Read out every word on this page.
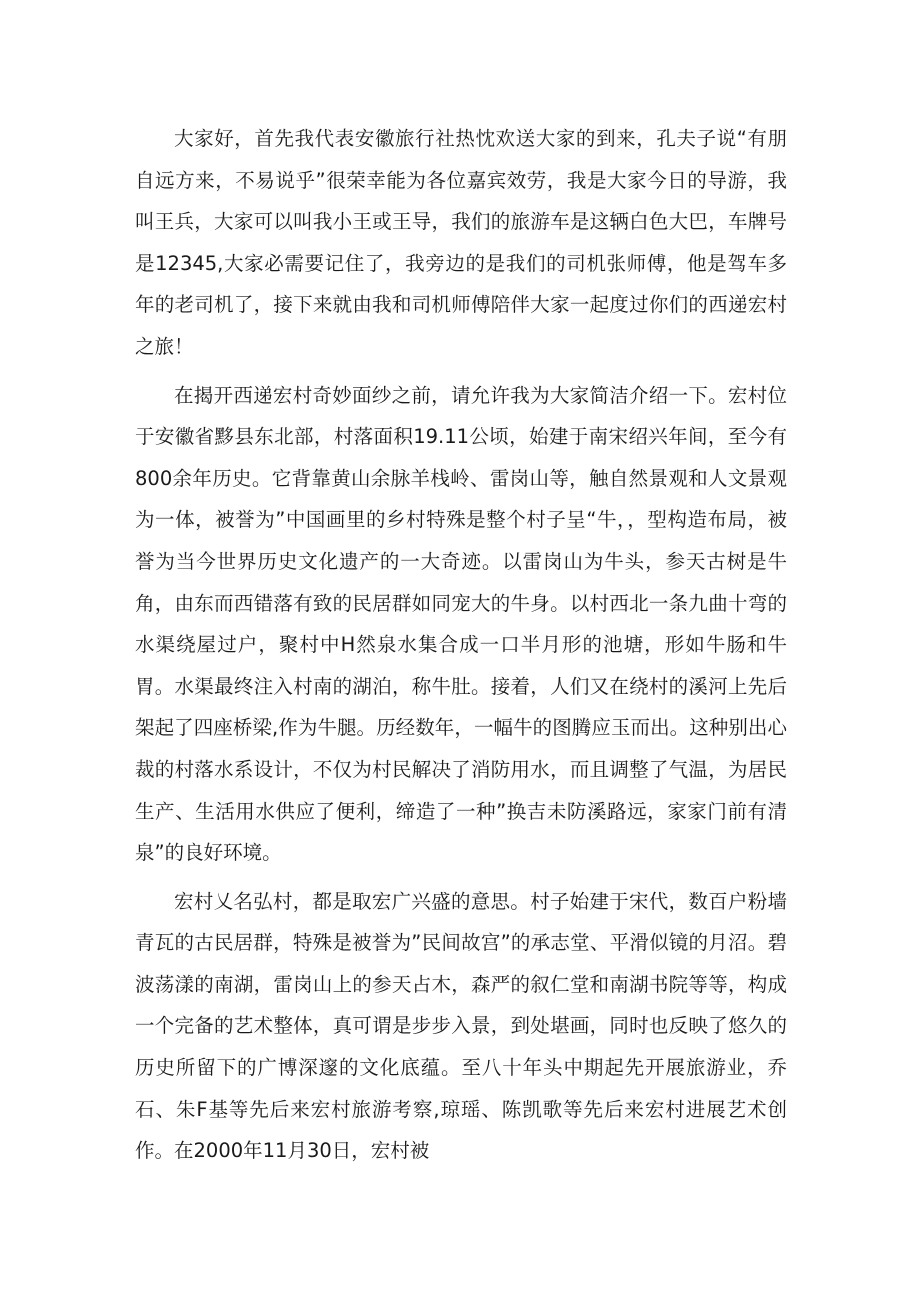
大家好，首先我代表安徽旅行社热忱欢送大家的到来，孔夫子说“有朋自远方来，不易说乎”很荣幸能为各位嘉宾效劳，我是大家今日的导游，我叫王兵，大家可以叫我小王或王导，我们的旅游车是这辆白色大巴，车牌号是12345,大家必需要记住了，我旁边的是我们的司机张师傅，他是驾车多年的老司机了，接下来就由我和司机师傅陪伴大家一起度过你们的西递宏村之旅！

在揭开西递宏村奇妙面纱之前，请允许我为大家简洁介绍一下。宏村位于安徽省黟县东北部，村落面积19.11公顷，始建于南宋绍兴年间，至今有800余年历史。它背靠黄山余脉羊栈岭、雷岗山等，触自然景观和人文景观为一体，被誉为”中国画里的乡村特殊是整个村子呈“牛，，型构造布局，被誉为当今世界历史文化遗产的一大奇迹。以雷岗山为牛头，参天古树是牛角，由东而西错落有致的民居群如同宠大的牛身。以村西北一条九曲十弯的水渠绕屋过户，聚村中H然泉水集合成一口半月形的池塘，形如牛肠和牛胃。水渠最终注入村南的湖泊，称牛肚。接着，人们又在绕村的溪河上先后架起了四座桥梁,作为牛腿。历经数年，一幅牛的图腾应玉而出。这种别出心裁的村落水系设计，不仅为村民解决了消防用水，而且调整了气温，为居民生产、生活用水供应了便利，缔造了一种”换吉未防溪路远，家家门前有清泉”的良好环境。

宏村乂名弘村，都是取宏广兴盛的意思。村子始建于宋代，数百户粉墙青瓦的古民居群，特殊是被誉为”民间故宫”的承志堂、平滑似镜的月沼。碧波荡漾的南湖，雷岗山上的参天占木，森严的叙仁堂和南湖书院等等，构成一个完备的艺术整体，真可谓是步步入景，到处堪画，同时也反映了悠久的历史所留下的广博深邃的文化底蕴。至八十年头中期起先开展旅游业，乔石、朱F基等先后来宏村旅游考察,琼瑶、陈凯歌等先后来宏村进展艺术创作。在2000年11月30日，宏村被
